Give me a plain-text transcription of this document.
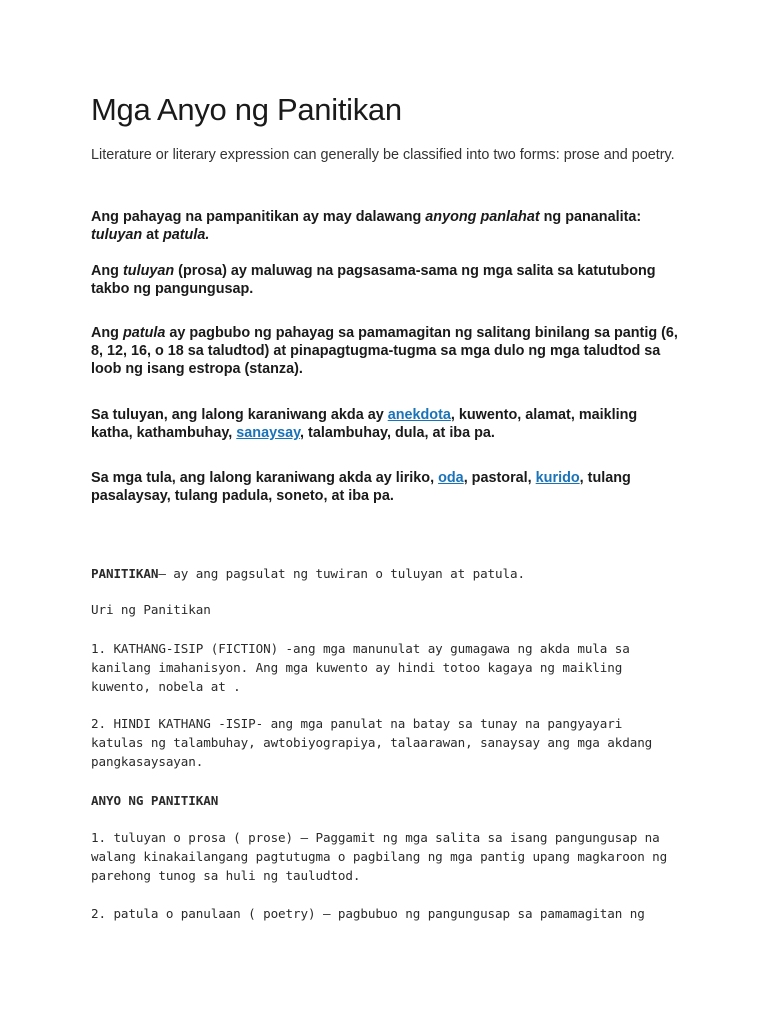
Mga Anyo ng Panitikan

Literature or literary expression can generally be classified into two forms: prose and poetry.

Ang pahayag na pampanitikan ay may dalawang anyong panlahat ng pananalita: tuluyan at patula.

Ang tuluyan (prosa) ay maluwag na pagsasama-sama ng mga salita sa katutubong takbo ng pangungusap.

Ang patula ay pagbubo ng pahayag sa pamamagitan ng salitang binilang sa pantig (6, 8, 12, 16, o 18 sa taludtod) at pinapagtugma-tugma sa mga dulo ng mga taludtod sa loob ng isang estropa (stanza).

Sa tuluyan, ang lalong karaniwang akda ay anekdota, kuwento, alamat, maikling katha, kathambuhay, sanaysay, talambuhay, dula, at iba pa.

Sa mga tula, ang lalong karaniwang akda ay liriko, oda, pastoral, kurido, tulang pasalaysay, tulang padula, soneto, at iba pa.

PANITIKAN– ay ang pagsulat ng tuwiran o tuluyan at patula.

Uri ng Panitikan

1. KATHANG-ISIP (FICTION) -ang mga manunulat ay gumagawa ng akda mula sa kanilang imahanisyon. Ang mga kuwento ay hindi totoo kagaya ng maikling kuwento, nobela at .

2. HINDI KATHANG -ISIP- ang mga panulat na batay sa tunay na pangyayari katulas ng talambuhay, awtobiyograpiya, talaarawan, sanaysay ang mga akdang pangkasaysayan.

ANYO NG PANITIKAN

1. tuluyan o prosa ( prose) – Paggamit ng mga salita sa isang pangungusap na walang kinakailangang pagtutugma o pagbilang ng mga pantig upang magkaroon ng parehong tunog sa huli ng tauludtod.

2. patula o panulaan ( poetry) – pagbubuo ng pangungusap sa pamamagitan ng
